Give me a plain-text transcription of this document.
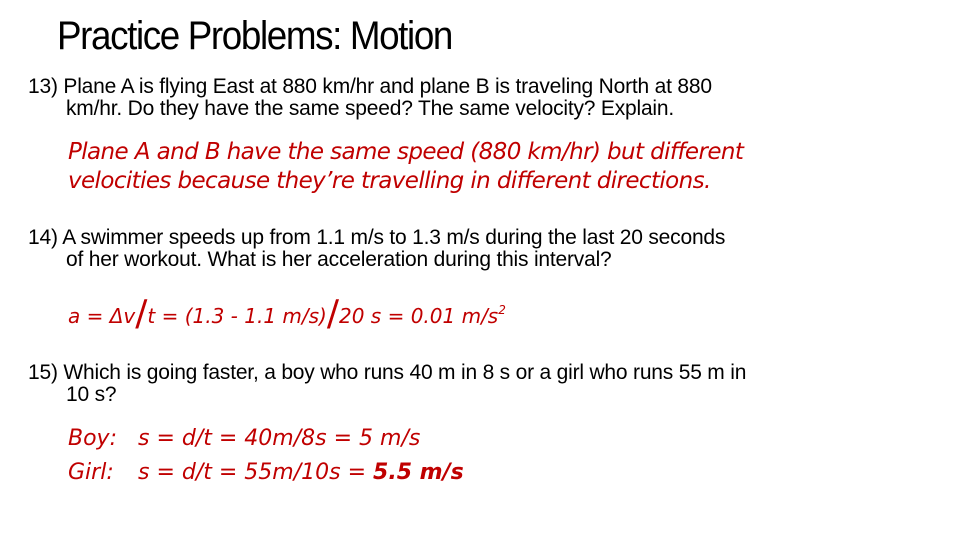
Practice Problems: Motion
13) Plane A is flying East at 880 km/hr and plane B is traveling North at 880
km/hr. Do they have the same speed? The same velocity? Explain.
Plane A and B have the same speed (880 km/hr) but different
velocities because they’re travelling in different directions.
14) A swimmer speeds up from 1.1 m/s to 1.3 m/s during the last 20 seconds
of her workout. What is her acceleration during this interval?
a = Δv/t = (1.3 - 1.1 m/s)/20 s = 0.01 $m/s^2$
15) Which is going faster, a boy who runs 40 m in 8 s or a girl who runs 55 m in
10 s?
Boy: s = d/t = 40m/8s = 5 m/s
Girl: s = d/t = 55m/10s = 5.5 m/s
